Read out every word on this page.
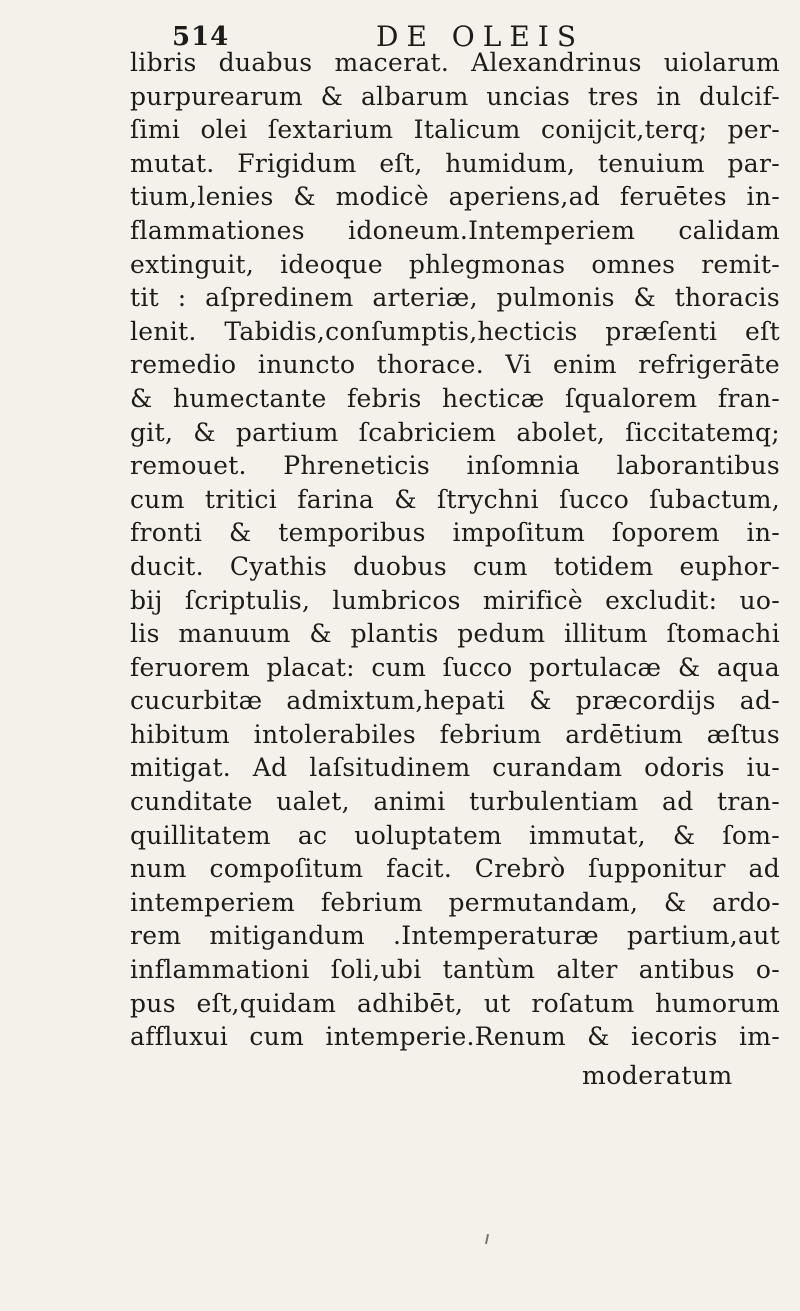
514	DE OLEIS
libris duabus macerat. Alexandrinus uiolarum
purpurearum & albarum uncias tres in dulcif-
ſimi olei ſextarium Italicum conijcit,terq; per-
mutat. Frigidum eſt, humidum, tenuium par-
tium,lenies & modicè aperiens,ad feruētes in-
flammationes idoneum.Intemperiem calidam
extinguit, ideoque phlegmonas omnes remit-
tit : aſpredinem arteriæ, pulmonis & thoracis
lenit. Tabidis,conſumptis,hecticis præſenti eſt
remedio inuncto thorace. Vi enim refrigerāte
& humectante febris hecticæ ſqualorem fran-
git, & partium ſcabriciem abolet, ſiccitatemq;
remouet. Phreneticis inſomnia laborantibus
cum tritici farina & ſtrychni ſucco ſubactum,
fronti & temporibus impoſitum ſoporem in-
ducit. Cyathis duobus cum totidem euphor-
bij ſcriptulis, lumbricos mirificè excludit: uo-
lis manuum & plantis pedum illitum ſtomachi
feruorem placat: cum ſucco portulacæ & aqua
cucurbitæ admixtum,hepati & præcordijs ad-
hibitum intolerabiles febrium ardētium æſtus
mitigat. Ad laſsitudinem curandam odoris iu-
cunditate ualet, animi turbulentiam ad tran-
quillitatem ac uoluptatem immutat, & ſom-
num compoſitum facit. Crebrò ſupponitur ad
intemperiem febrium permutandam, & ardo-
rem mitigandum .Intemperaturæ partium,aut
inflammationi ſoli,ubi tantùm alter antibus o-
pus eſt,quidam adhibēt, ut roſatum humorum
affluxui cum intemperie.Renum & iecoris im-
moderatum
